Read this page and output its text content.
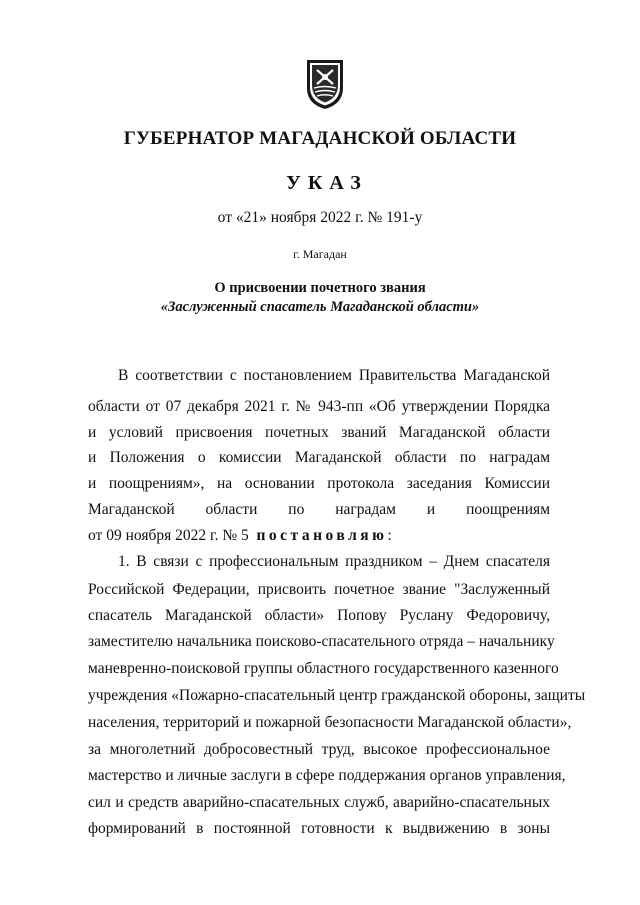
ГУБЕРНАТОР МАГАДАНСКОЙ ОБЛАСТИ
УКАЗ
от «21» ноября 2022 г. № 191-у
г. Магадан
О присвоении почетного звания
«Заслуженный спасатель Магаданской области»
В соответствии с постановлением Правительства Магаданской
области от 07 декабря 2021 г. № 943-пп «Об утверждении Порядка
и условий присвоения почетных званий Магаданской области
и Положения о комиссии Магаданской области по наградам
и поощрениям», на основании протокола заседания Комиссии
Магаданской области по наградам и поощрениям
от 09 ноября 2022 г. № 5 постановляю:
1. В связи с профессиональным праздником – Днем спасателя
Российской Федерации, присвоить почетное звание "Заслуженный
спасатель Магаданской области» Попову Руслану Федоровичу,
заместителю начальника поисково-спасательного отряда – начальнику
маневренно-поисковой группы областного государственного казенного
учреждения «Пожарно-спасательный центр гражданской обороны, защиты
населения, территорий и пожарной безопасности Магаданской области»,
за многолетний добросовестный труд, высокое профессиональное
мастерство и личные заслуги в сфере поддержания органов управления,
сил и средств аварийно-спасательных служб, аварийно-спасательных
формирований в постоянной готовности к выдвижению в зоны
